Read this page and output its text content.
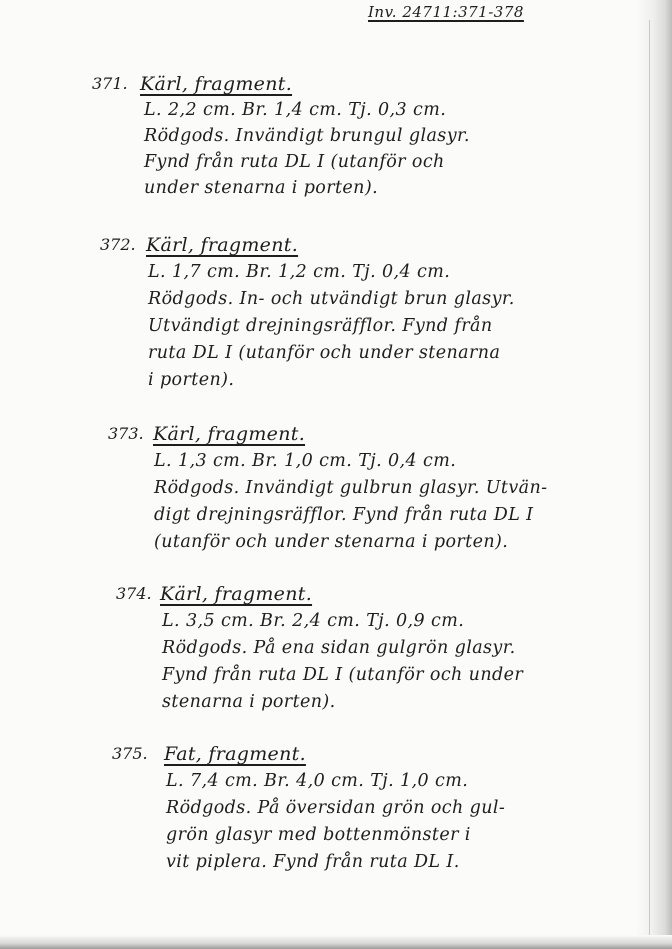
Inv. 24711:371-378
371. Kärl, fragment.
L. 2,2 cm. Br. 1,4 cm. Tj. 0,3 cm.
Rödgods. Invändigt brungul glasyr.
Fynd från ruta DL I (utanför och
under stenarna i porten).
372. Kärl, fragment.
L. 1,7 cm. Br. 1,2 cm. Tj. 0,4 cm.
Rödgods. In- och utvändigt brun glasyr.
Utvändigt drejningsräfflor. Fynd från
ruta DL I (utanför och under stenarna
i porten).
373. Kärl, fragment.
L. 1,3 cm. Br. 1,0 cm. Tj. 0,4 cm.
Rödgods. Invändigt gulbrun glasyr. Utvän-
digt drejningsräfflor. Fynd från ruta DL I
(utanför och under stenarna i porten).
374. Kärl, fragment.
L. 3,5 cm. Br. 2,4 cm. Tj. 0,9 cm.
Rödgods. På ena sidan gulgrön glasyr.
Fynd från ruta DL I (utanför och under
stenarna i porten).
375. Fat, fragment.
L. 7,4 cm. Br. 4,0 cm. Tj. 1,0 cm.
Rödgods. På översidan grön och gul-
grön glasyr med bottenmönster i
vit piplera. Fynd från ruta DL I.
